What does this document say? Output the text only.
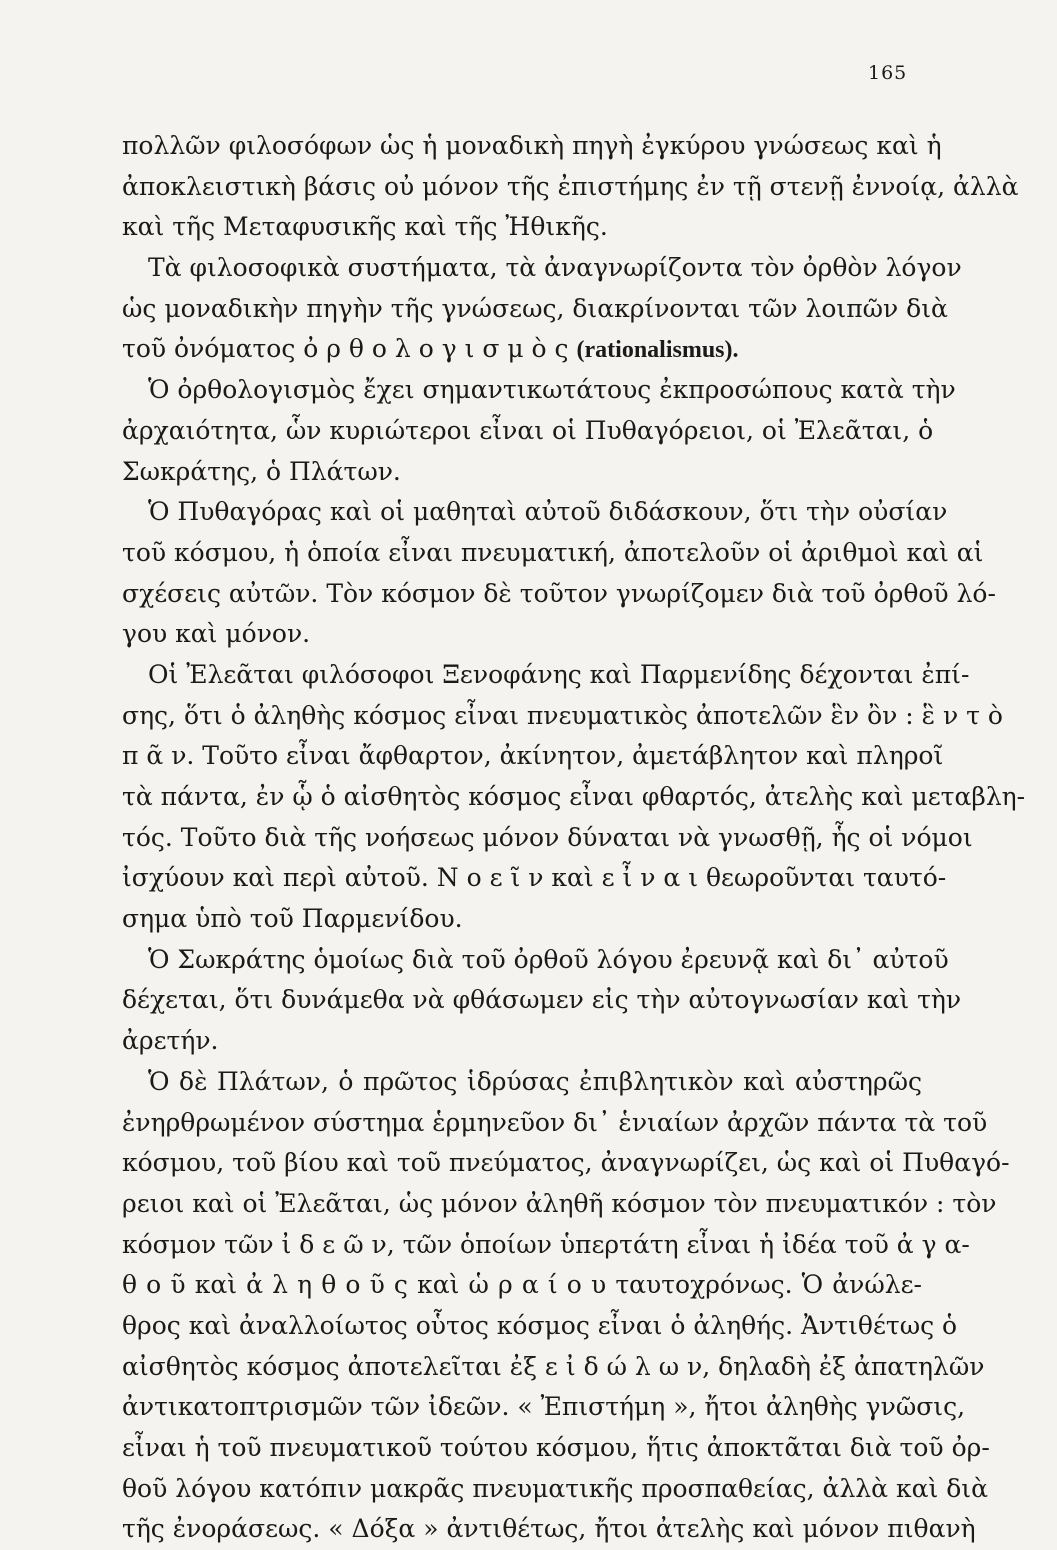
165
πολλῶν φιλοσόφων ὡς ἡ μοναδικὴ πηγὴ ἐγκύρου γνώσεως καὶ ἡ
ἀποκλειστικὴ βάσις οὐ μόνον τῆς ἐπιστήμης ἐν τῇ στενῇ ἐννοίᾳ, ἀλλὰ
καὶ τῆς Μεταφυσικῆς καὶ τῆς Ἠθικῆς.
Τὰ φιλοσοφικὰ συστήματα, τὰ ἀναγνωρίζοντα τὸν ὀρθὸν λόγον
ὡς μοναδικὴν πηγὴν τῆς γνώσεως, διακρίνονται τῶν λοιπῶν διὰ
τοῦ ὀνόματος ὀ ρ θ ο λ ο γ ι σ μ ὸ ς (rationalismus).
Ὁ ὀρθολογισμὸς ἔχει σημαντικωτάτους ἐκπροσώπους κατὰ τὴν
ἀρχαιότητα, ὧν κυριώτεροι εἶναι οἱ Πυθαγόρειοι, οἱ Ἐλεᾶται, ὁ
Σωκράτης, ὁ Πλάτων.
Ὁ Πυθαγόρας καὶ οἱ μαθηταὶ αὐτοῦ διδάσκουν, ὅτι τὴν οὐσίαν
τοῦ κόσμου, ἡ ὁποία εἶναι πνευματική, ἀποτελοῦν οἱ ἀριθμοὶ καὶ αἱ
σχέσεις αὐτῶν. Τὸν κόσμον δὲ τοῦτον γνωρίζομεν διὰ τοῦ ὀρθοῦ λό-
γου καὶ μόνον.
Οἱ Ἐλεᾶται φιλόσοφοι Ξενοφάνης καὶ Παρμενίδης δέχονται ἐπί-
σης, ὅτι ὁ ἀληθὴς κόσμος εἶναι πνευματικὸς ἀποτελῶν ἓν ὂν : ἓ ν τ ὸ
π ᾶ ν. Τοῦτο εἶναι ἄφθαρτον, ἀκίνητον, ἀμετάβλητον καὶ πληροῖ
τὰ πάντα, ἐν ᾧ ὁ αἰσθητὸς κόσμος εἶναι φθαρτός, ἀτελὴς καὶ μεταβλη-
τός. Τοῦτο διὰ τῆς νοήσεως μόνον δύναται νὰ γνωσθῇ, ἧς οἱ νόμοι
ἰσχύουν καὶ περὶ αὐτοῦ. Ν ο ε ῖ ν καὶ ε ἶ ν α ι θεωροῦνται ταυτό-
σημα ὑπὸ τοῦ Παρμενίδου.
Ὁ Σωκράτης ὁμοίως διὰ τοῦ ὀρθοῦ λόγου ἐρευνᾷ καὶ δι᾽ αὐτοῦ
δέχεται, ὅτι δυνάμεθα νὰ φθάσωμεν εἰς τὴν αὐτογνωσίαν καὶ τὴν
ἀρετήν.
Ὁ δὲ Πλάτων, ὁ πρῶτος ἱδρύσας ἐπιβλητικὸν καὶ αὐστηρῶς
ἐνηρθρωμένον σύστημα ἑρμηνεῦον δι᾽ ἑνιαίων ἀρχῶν πάντα τὰ τοῦ
κόσμου, τοῦ βίου καὶ τοῦ πνεύματος, ἀναγνωρίζει, ὡς καὶ οἱ Πυθαγό-
ρειοι καὶ οἱ Ἐλεᾶται, ὡς μόνον ἀληθῆ κόσμον τὸν πνευματικόν : τὸν
κόσμον τῶν ἰ δ ε ῶ ν, τῶν ὁποίων ὑπερτάτη εἶναι ἡ ἰδέα τοῦ ἀ γ α-
θ ο ῦ καὶ ἀ λ η θ ο ῦ ς καὶ ὡ ρ α ί ο υ ταυτοχρόνως. Ὁ ἀνώλε-
θρος καὶ ἀναλλοίωτος οὗτος κόσμος εἶναι ὁ ἀληθής. Ἀντιθέτως ὁ
αἰσθητὸς κόσμος ἀποτελεῖται ἐξ ε ἰ δ ώ λ ω ν, δηλαδὴ ἐξ ἀπατηλῶν
ἀντικατοπτρισμῶν τῶν ἰδεῶν. « Ἐπιστήμη », ἤτοι ἀληθὴς γνῶσις,
εἶναι ἡ τοῦ πνευματικοῦ τούτου κόσμου, ἥτις ἀποκτᾶται διὰ τοῦ ὀρ-
θοῦ λόγου κατόπιν μακρᾶς πνευματικῆς προσπαθείας, ἀλλὰ καὶ διὰ
τῆς ἐνοράσεως. « Δόξα » ἀντιθέτως, ἤτοι ἀτελὴς καὶ μόνον πιθανὴ
